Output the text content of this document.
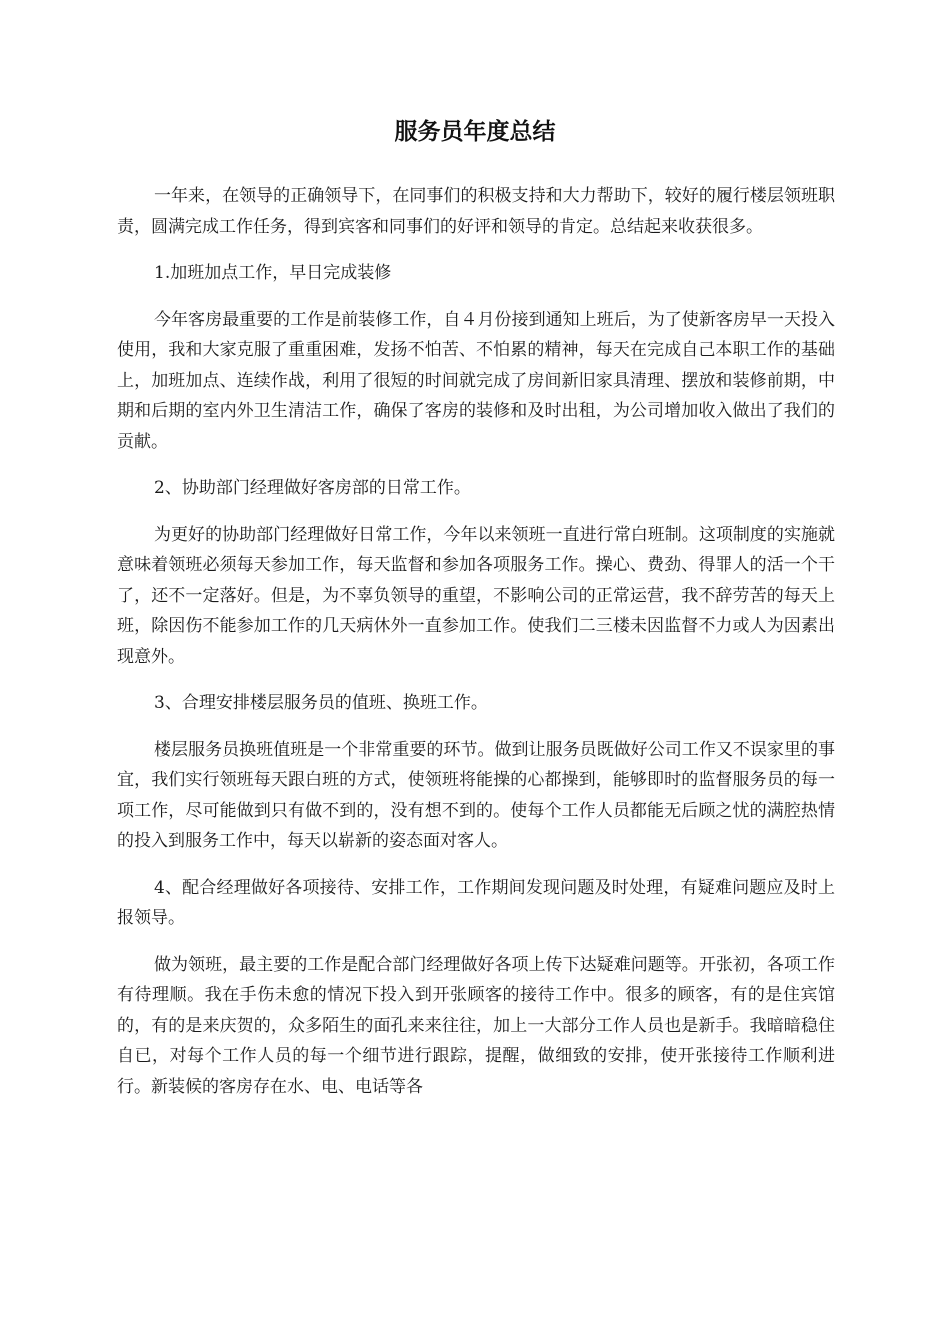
服务员年度总结

一年来，在领导的正确领导下，在同事们的积极支持和大力帮助下，较好的履行楼层领班职责，圆满完成工作任务，得到宾客和同事们的好评和领导的肯定。总结起来收获很多。

1.加班加点工作，早日完成装修

今年客房最重要的工作是前装修工作，自４月份接到通知上班后，为了使新客房早一天投入使用，我和大家克服了重重困难，发扬不怕苦、不怕累的精神，每天在完成自己本职工作的基础上，加班加点、连续作战，利用了很短的时间就完成了房间新旧家具清理、摆放和装修前期，中期和后期的室内外卫生清洁工作，确保了客房的装修和及时出租，为公司增加收入做出了我们的贡献。

2、协助部门经理做好客房部的日常工作。

为更好的协助部门经理做好日常工作，今年以来领班一直进行常白班制。这项制度的实施就意味着领班必须每天参加工作，每天监督和参加各项服务工作。操心、费劲、得罪人的活一个干了，还不一定落好。但是，为不辜负领导的重望，不影响公司的正常运营，我不辞劳苦的每天上班，除因伤不能参加工作的几天病休外一直参加工作。使我们二三楼未因监督不力或人为因素出现意外。

3、合理安排楼层服务员的值班、换班工作。

楼层服务员换班值班是一个非常重要的环节。做到让服务员既做好公司工作又不误家里的事宜，我们实行领班每天跟白班的方式，使领班将能操的心都操到，能够即时的监督服务员的每一项工作，尽可能做到只有做不到的，没有想不到的。使每个工作人员都能无后顾之忧的满腔热情的投入到服务工作中，每天以崭新的姿态面对客人。

4、配合经理做好各项接待、安排工作，工作期间发现问题及时处理，有疑难问题应及时上报领导。

做为领班，最主要的工作是配合部门经理做好各项上传下达疑难问题等。开张初，各项工作有待理顺。我在手伤未愈的情况下投入到开张顾客的接待工作中。很多的顾客，有的是住宾馆的，有的是来庆贺的，众多陌生的面孔来来往往，加上一大部分工作人员也是新手。我暗暗稳住自已，对每个工作人员的每一个细节进行跟踪，提醒，做细致的安排，使开张接待工作顺利进行。新装候的客房存在水、电、电话等各
